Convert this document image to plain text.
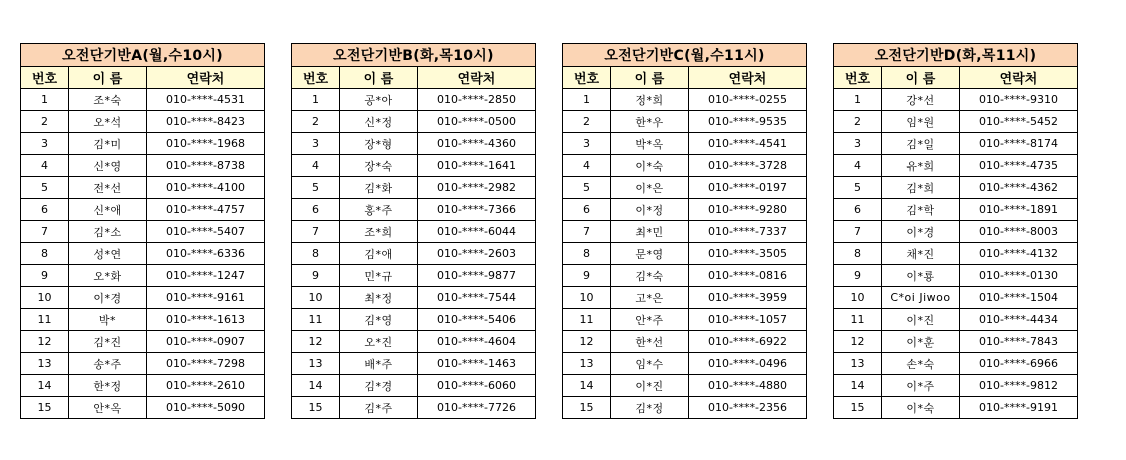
오전단기반A(월,수10시)		
번호	이 름	연락처
1	조*숙	010-****-4531
2	오*석	010-****-8423
3	김*미	010-****-1968
4	신*영	010-****-8738
5	전*선	010-****-4100
6	신*애	010-****-4757
7	김*소	010-****-5407
8	성*연	010-****-6336
9	오*화	010-****-1247
10	이*경	010-****-9161
11	박*	010-****-1613
12	김*진	010-****-0907
13	송*주	010-****-7298
14	한*정	010-****-2610
15	안*옥	010-****-5090
오전단기반B(화,목10시)		
번호	이 름	연락처
1	공*아	010-****-2850
2	신*정	010-****-0500
3	장*형	010-****-4360
4	장*숙	010-****-1641
5	김*화	010-****-2982
6	홍*주	010-****-7366
7	조*희	010-****-6044
8	김*애	010-****-2603
9	민*규	010-****-9877
10	최*정	010-****-7544
11	김*영	010-****-5406
12	오*진	010-****-4604
13	배*주	010-****-1463
14	김*경	010-****-6060
15	김*주	010-****-7726
오전단기반C(월,수11시)		
번호	이 름	연락처
1	정*희	010-****-0255
2	한*우	010-****-9535
3	박*옥	010-****-4541
4	이*숙	010-****-3728
5	이*은	010-****-0197
6	이*정	010-****-9280
7	최*민	010-****-7337
8	문*영	010-****-3505
9	김*숙	010-****-0816
10	고*은	010-****-3959
11	안*주	010-****-1057
12	한*선	010-****-6922
13	임*수	010-****-0496
14	이*진	010-****-4880
15	김*정	010-****-2356
오전단기반D(화,목11시)		
번호	이 름	연락처
1	강*선	010-****-9310
2	임*원	010-****-5452
3	김*일	010-****-8174
4	유*희	010-****-4735
5	김*희	010-****-4362
6	김*학	010-****-1891
7	이*경	010-****-8003
8	채*진	010-****-4132
9	이*룡	010-****-0130
10	C*oi Jiwoo	010-****-1504
11	이*진	010-****-4434
12	이*훈	010-****-7843
13	손*숙	010-****-6966
14	이*주	010-****-9812
15	이*숙	010-****-9191
